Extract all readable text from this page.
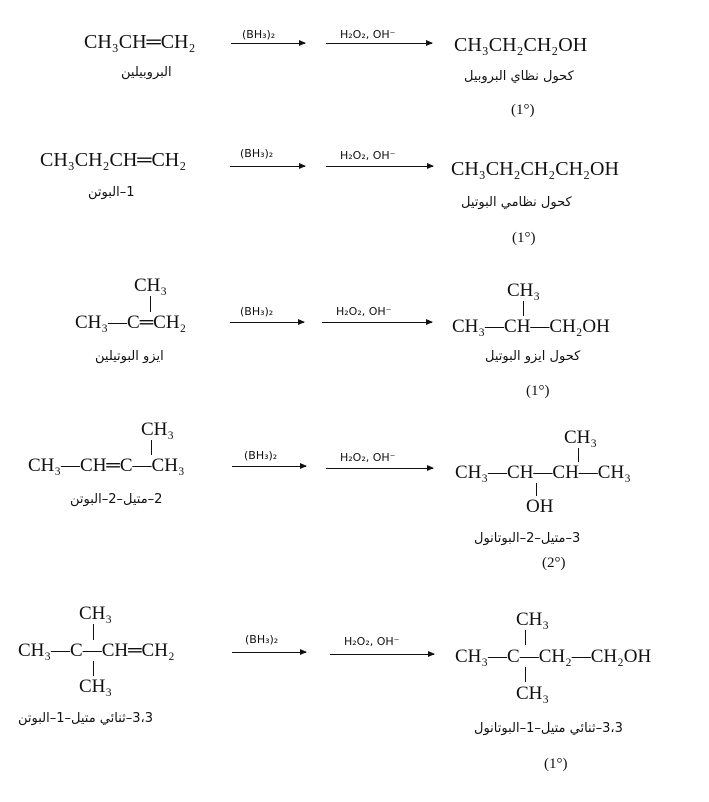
CH₃CH═CH₂
البروبيلين
(BH₃)₂	H₂O₂, OH⁻	CH₃CH₂CH₂OH
كحول نظاي البروبيل
(1°)
CH₃CH₂CH═CH₂
1–البوتن
(BH₃)₂	H₂O₂, OH⁻
CH₃CH₂CH₂CH₂OH
كحول نظامي البوتيل
(1°)
CH₃
CH₃—C═CH₂
ايزو البوتيلين
(BH₃)₂	H₂O₂, OH⁻
CH₃
CH₃—CH—CH₂OH
كحول ايزو البوتيل
(1°)
CH₃
CH₃—CH═C—CH₃
2–متيل–2–البوتن
(BH₃)₂	H₂O₂, OH⁻
CH₃
CH₃—CH—CH—CH₃
OH
3–متيل–2–البوتانول
(2°)
CH₃
CH₃—C—CH═CH₂
CH₃
3،3–ثنائي متيل–1–البوتن
(BH₃)₂	H₂O₂, OH⁻
CH₃
CH₃—C—CH₂—CH₂OH
CH₃
3،3–ثنائي متيل–1–البوتانول
(1°)
